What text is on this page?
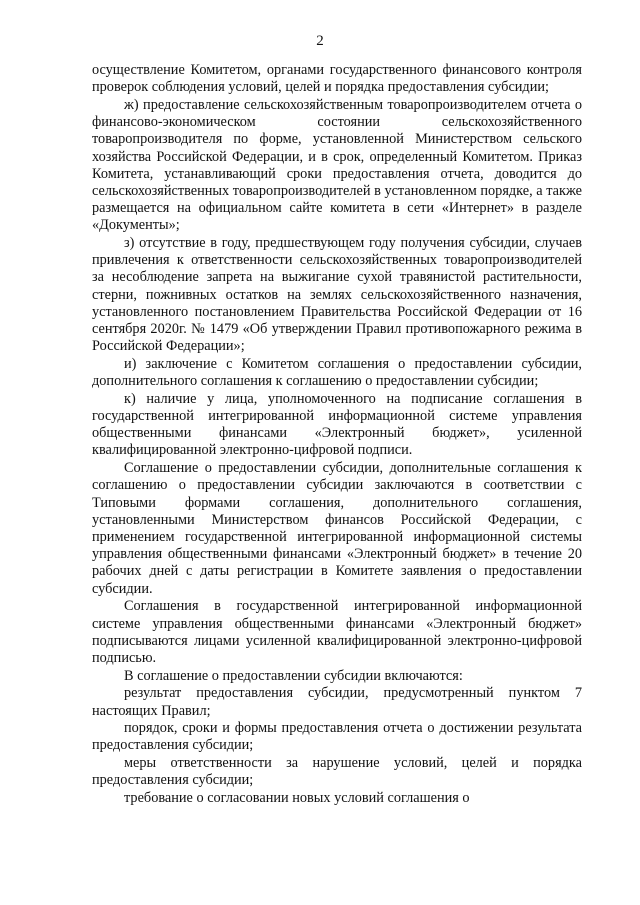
2

осуществление Комитетом, органами государственного финансового контроля проверок соблюдения условий, целей и порядка предоставления субсидии;

ж) предоставление сельскохозяйственным товаропроизводителем отчета о финансово-экономическом состоянии сельскохозяйственного товаропроизводителя по форме, установленной Министерством сельского хозяйства Российской Федерации, и в срок, определенный Комитетом. Приказ Комитета, устанавливающий сроки предоставления отчета, доводится до сельскохозяйственных товаропроизводителей в установленном порядке, а также размещается на официальном сайте комитета в сети «Интернет» в разделе «Документы»;

з) отсутствие в году, предшествующем году получения субсидии, случаев привлечения к ответственности сельскохозяйственных товаропроизводителей за несоблюдение запрета на выжигание сухой травянистой растительности, стерни, пожнивных остатков на землях сельскохозяйственного назначения, установленного постановлением Правительства Российской Федерации от 16 сентября 2020г. № 1479 «Об утверждении Правил противопожарного режима в Российской Федерации»;

и) заключение с Комитетом соглашения о предоставлении субсидии, дополнительного соглашения к соглашению о предоставлении субсидии;

к) наличие у лица, уполномоченного на подписание соглашения в государственной интегрированной информационной системе управления общественными финансами «Электронный бюджет», усиленной квалифицированной электронно-цифровой подписи.

Соглашение о предоставлении субсидии, дополнительные соглашения к соглашению о предоставлении субсидии заключаются в соответствии с Типовыми формами соглашения, дополнительного соглашения, установленными Министерством финансов Российской Федерации, с применением государственной интегрированной информационной системы управления общественными финансами «Электронный бюджет» в течение 20 рабочих дней с даты регистрации в Комитете заявления о предоставлении субсидии.

Соглашения в государственной интегрированной информационной системе управления общественными финансами «Электронный бюджет» подписываются лицами усиленной квалифицированной электронно-цифровой подписью.

В соглашение о предоставлении субсидии включаются:

результат предоставления субсидии, предусмотренный пунктом 7 настоящих Правил;

порядок, сроки и формы предоставления отчета о достижении результата предоставления субсидии;

меры ответственности за нарушение условий, целей и порядка предоставления субсидии;

требование о согласовании новых условий соглашения о
